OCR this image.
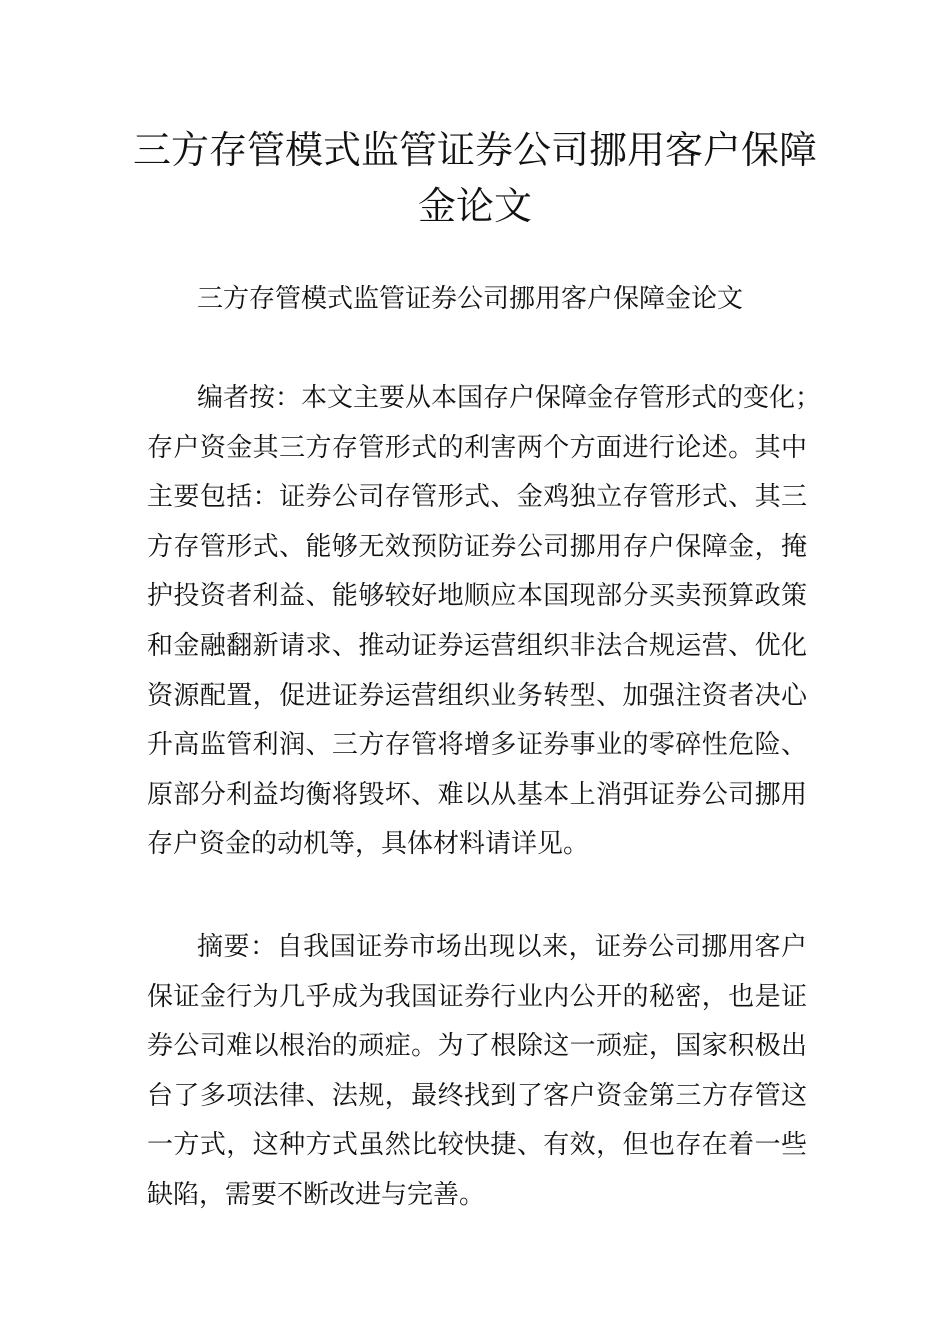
三方存管模式监管证券公司挪用客户保障
金论文

三方存管模式监管证券公司挪用客户保障金论文

编者按：本文主要从本国存户保障金存管形式的变化；
存户资金其三方存管形式的利害两个方面进行论述。其中
主要包括：证券公司存管形式、金鸡独立存管形式、其三
方存管形式、能够无效预防证券公司挪用存户保障金，掩
护投资者利益、能够较好地顺应本国现部分买卖预算政策
和金融翻新请求、推动证券运营组织非法合规运营、优化
资源配置，促进证券运营组织业务转型、加强注资者决心
升高监管利润、三方存管将增多证券事业的零碎性危险、
原部分利益均衡将毁坏、难以从基本上消弭证券公司挪用
存户资金的动机等，具体材料请详见。
摘要：自我国证券市场出现以来，证券公司挪用客户
保证金行为几乎成为我国证券行业内公开的秘密，也是证
券公司难以根治的顽症。为了根除这一顽症，国家积极出
台了多项法律、法规，最终找到了客户资金第三方存管这
一方式，这种方式虽然比较快捷、有效，但也存在着一些
缺陷，需要不断改进与完善。
